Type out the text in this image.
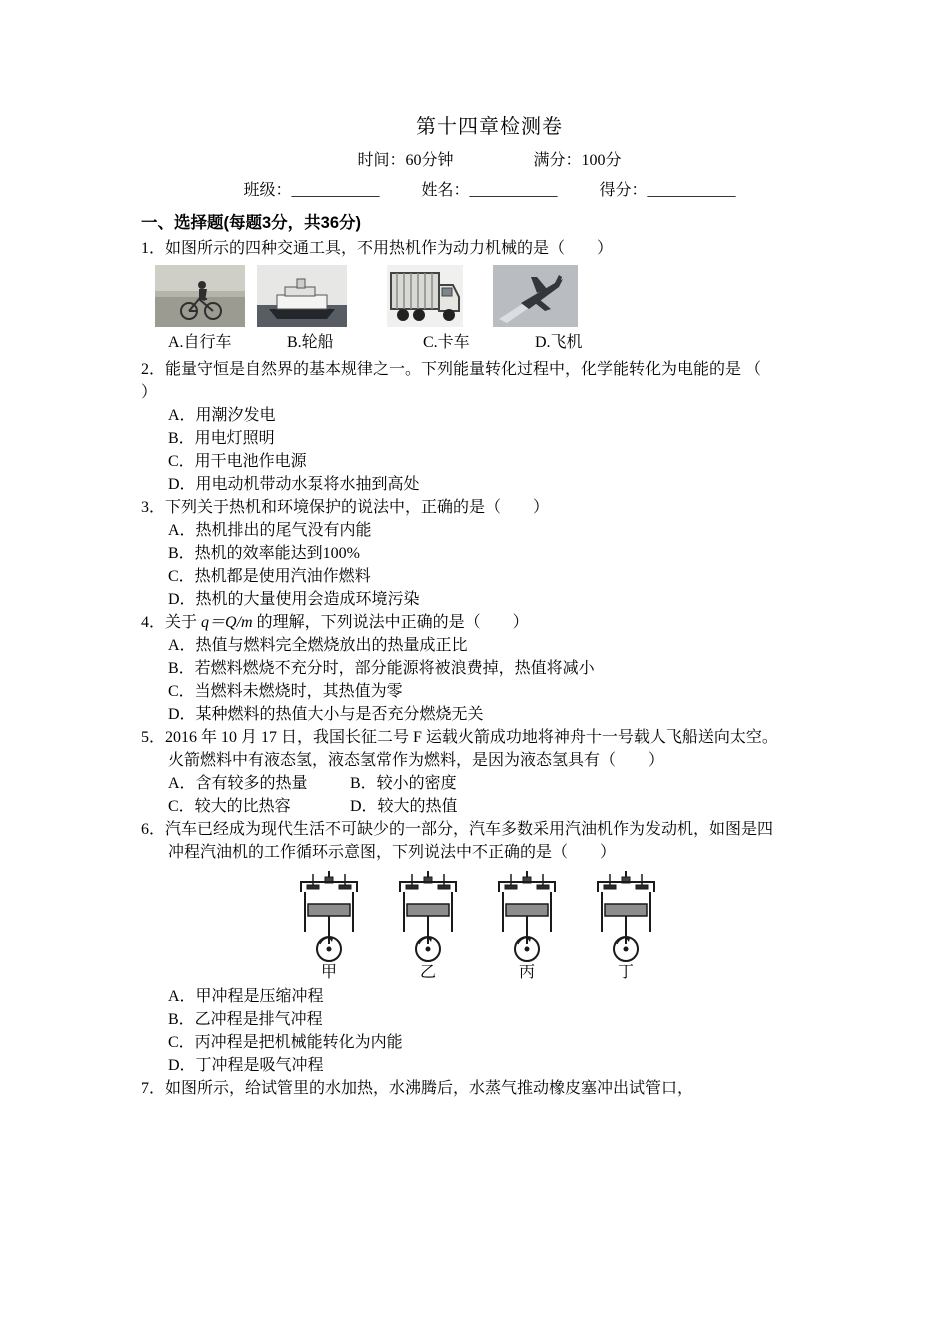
第十四章检测卷
时间：60分钟	满分：100分
班级：___________	姓名：___________	得分：___________
一、选择题(每题3分，共36分)
1．如图所示的四种交通工具，不用热机作为动力机械的是（　　）
A.自行车	B.轮船	C.卡车	D.飞机
2．能量守恒是自然界的基本规律之一。下列能量转化过程中，化学能转化为电能的是 （
）
A．用潮汐发电
B．用电灯照明
C．用干电池作电源
D．用电动机带动水泵将水抽到高处
3．下列关于热机和环境保护的说法中，正确的是（　　）
A．热机排出的尾气没有内能
B．热机的效率能达到100%
C．热机都是使用汽油作燃料
D．热机的大量使用会造成环境污染
4．关于 q＝Q/m 的理解，下列说法中正确的是（　　）
A．热值与燃料完全燃烧放出的热量成正比
B．若燃料燃烧不充分时，部分能源将被浪费掉，热值将减小
C．当燃料未燃烧时，其热值为零
D．某种燃料的热值大小与是否充分燃烧无关
5．2016 年 10 月 17 日，我国长征二号 F 运载火箭成功地将神舟十一号载人飞船送向太空。
火箭燃料中有液态氢，液态氢常作为燃料，是因为液态氢具有（　　）
A．含有较多的热量	B．较小的密度
C．较大的比热容	D．较大的热值
6．汽车已经成为现代生活不可缺少的一部分，汽车多数采用汽油机作为发动机，如图是四
冲程汽油机的工作循环示意图，下列说法中不正确的是（　　）
甲	乙	丙	丁
A．甲冲程是压缩冲程
B．乙冲程是排气冲程
C．丙冲程是把机械能转化为内能
D．丁冲程是吸气冲程
7．如图所示，给试管里的水加热，水沸腾后，水蒸气推动橡皮塞冲出试管口，
